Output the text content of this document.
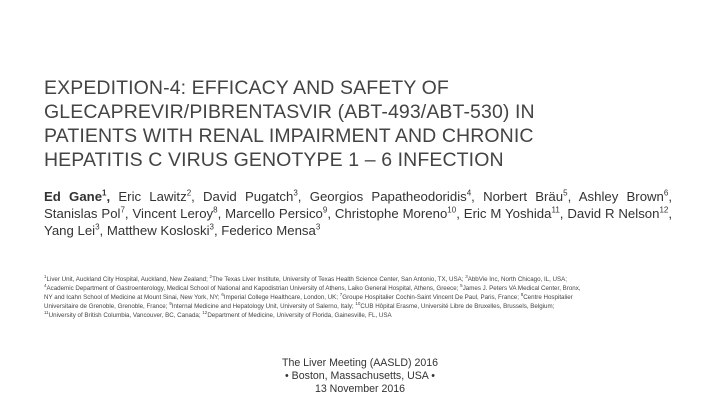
EXPEDITION-4: EFFICACY AND SAFETY OF
GLECAPREVIR/PIBRENTASVIR (ABT-493/ABT-530) IN
PATIENTS WITH RENAL IMPAIRMENT AND CHRONIC
HEPATITIS C VIRUS GENOTYPE 1 – 6 INFECTION
Ed Gane$^1$, Eric Lawitz$^2$, David Pugatch$^3$, Georgios Papatheodoridis$^4$, Norbert Bräu$^5$, Ashley Brown$^6$, Stanislas Pol$^7$, Vincent Leroy$^8$, Marcello Persico$^9$, Christophe Moreno$^{10}$, Eric M Yoshida$^{11}$, David R Nelson$^{12}$, Yang Lei$^3$, Matthew Kosloski$^3$, Federico Mensa$^3$
$^1$Liver Unit, Auckland City Hospital, Auckland, New Zealand; $^2$The Texas Liver Institute, University of Texas Health Science Center, San Antonio, TX, USA; $^3$AbbVie Inc, North Chicago, IL, USA; $^4$Academic Department of Gastroenterology, Medical School of National and Kapodistrian University of Athens, Laiko General Hospital, Athens, Greece; $^5$James J. Peters VA Medical Center, Bronx, NY and Icahn School of Medicine at Mount Sinai, New York, NY; $^6$Imperial College Healthcare, London, UK; $^7$Groupe Hospitalier Cochin-Saint Vincent De Paul, Paris, France; $^8$Centre Hospitalier Universitaire de Grenoble, Grenoble, France; $^9$Internal Medicine and Hepatology Unit, University of Salerno, Italy; $^{10}$CUB Hôpital Erasme, Université Libre de Bruxelles, Brussels, Belgium; $^{11}$University of British Columbia, Vancouver, BC, Canada; $^{12}$Department of Medicine, University of Florida, Gainesville, FL, USA
The Liver Meeting (AASLD) 2016
• Boston, Massachusetts, USA •
13 November 2016
